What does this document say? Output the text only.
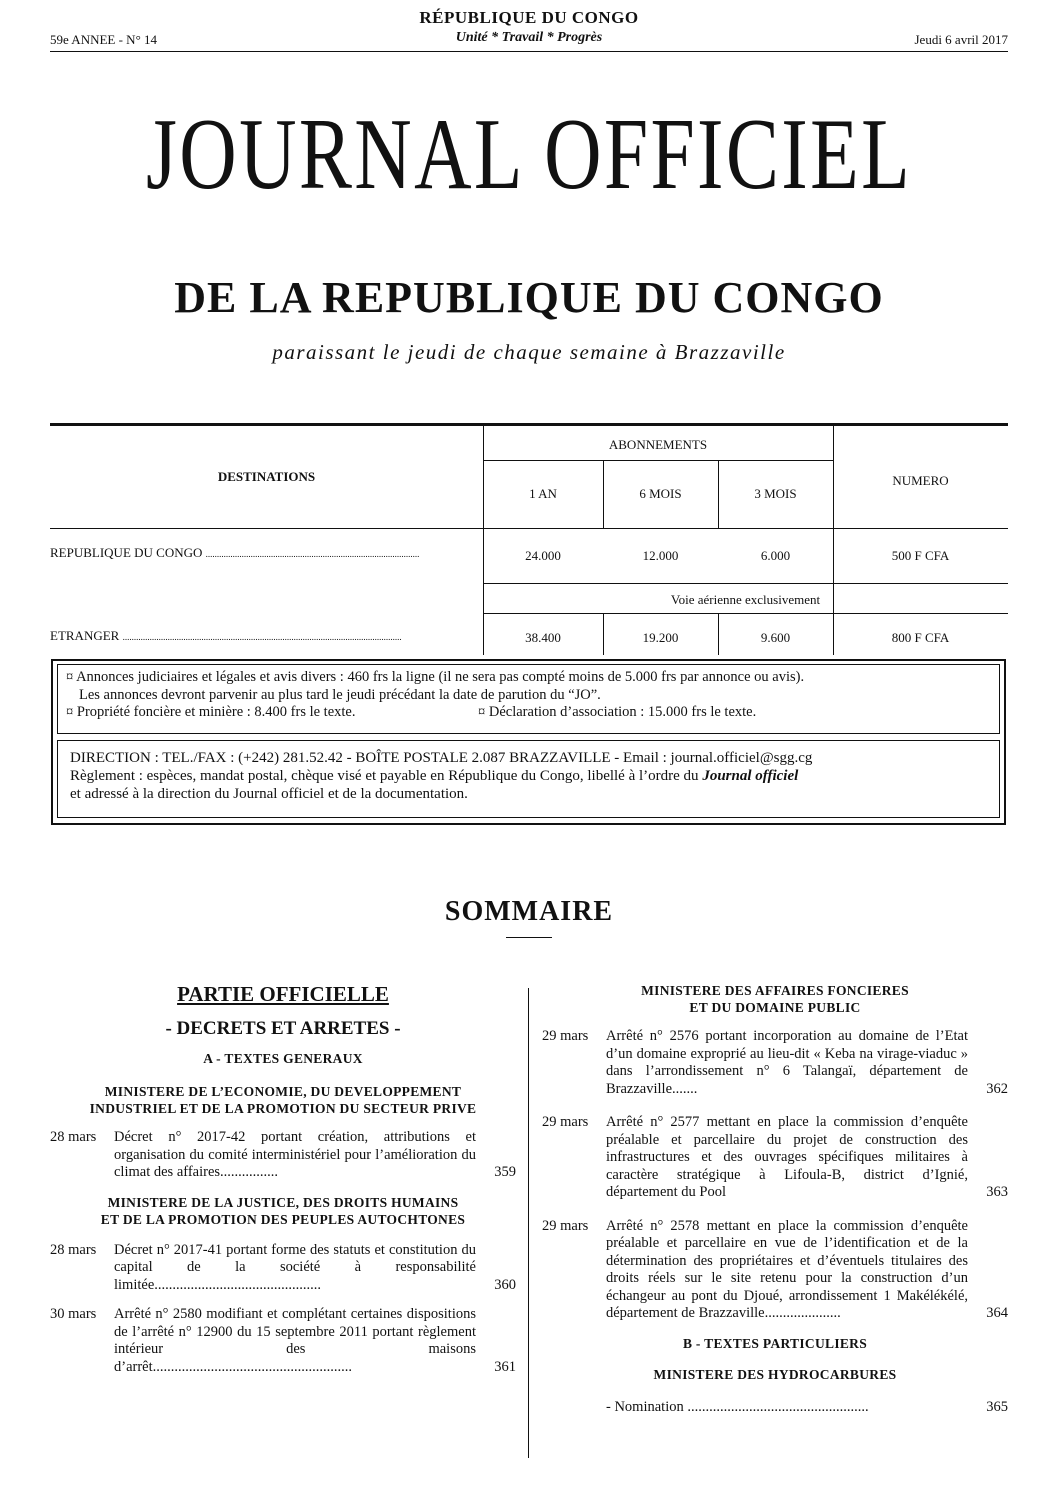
RÉPUBLIQUE DU CONGO
Unité * Travail * Progrès
59e ANNEE - N° 14	Jeudi 6 avril 2017
JOURNAL OFFICIEL
DE LA REPUBLIQUE DU CONGO
paraissant le jeudi de chaque semaine à Brazzaville
DESTINATIONS
ABONNEMENTS
NUMERO
1 AN	6 MOIS	3 MOIS
REPUBLIQUE DU CONGO ...............................................................................................	24.000	12.000	6.000	500 F CFA
Voie aérienne exclusivement
ETRANGER ............................................................................................................................	38.400	19.200	9.600	800 F CFA
¤ Annonces judiciaires et légales et avis divers : 460 frs la ligne (il ne sera pas compté moins de 5.000 frs par annonce ou avis).
Les annonces devront parvenir au plus tard le jeudi précédant la date de parution du “JO”.
¤ Propriété foncière et minière : 8.400 frs le texte.	¤ Déclaration d’association : 15.000 frs le texte.
DIRECTION : TEL./FAX : (+242) 281.52.42 - BOÎTE POSTALE 2.087 BRAZZAVILLE - Email : journal.officiel@sgg.cg
Règlement : espèces, mandat postal, chèque visé et payable en République du Congo, libellé à l’ordre du Journal officiel
et adressé à la direction du Journal officiel et de la documentation.
SOMMAIRE
PARTIE OFFICIELLE
- DECRETS ET ARRETES -
A - TEXTES GENERAUX
MINISTERE DE L’ECONOMIE, DU DEVELOPPEMENT
INDUSTRIEL ET DE LA PROMOTION DU SECTEUR PRIVE
28 mars	Décret n° 2017-42 portant création, attributions et organisation du comité interministériel pour l’amélioration du climat des affaires................	359
MINISTERE DE LA JUSTICE, DES DROITS HUMAINS
ET DE LA PROMOTION DES PEUPLES AUTOCHTONES
28 mars	Décret n° 2017-41 portant forme des statuts et constitution du capital de la société à responsabilité limitée..............................................	360
30 mars	Arrêté n° 2580 modifiant et complétant certaines dispositions de l’arrêté n° 12900 du 15 septembre 2011 portant règlement intérieur des maisons d’arrêt.......................................................	361
MINISTERE DES AFFAIRES FONCIERES
ET DU DOMAINE PUBLIC
29 mars	Arrêté n° 2576 portant incorporation au domaine de l’Etat d’un domaine exproprié au lieu-dit « Keba na virage-viaduc » dans l’arrondissement n° 6 Talangaï, département de Brazzaville.......	362
29 mars	Arrêté n° 2577 mettant en place la commission d’enquête préalable et parcellaire du projet de construction des infrastructures et des ouvrages spécifiques militaires à caractère stratégique à Lifoula-B, district d’Ignié, département du Pool	363
29 mars	Arrêté n° 2578 mettant en place la commission d’enquête préalable et parcellaire en vue de l’identification et de la détermination des propriétaires et d’éventuels titulaires des droits réels sur le site retenu pour la construction d’un échangeur au pont du Djoué, arrondissement 1 Makélékélé, département de Brazzaville.....................	364
B - TEXTES PARTICULIERS
MINISTERE DES HYDROCARBURES
- Nomination ..................................................	365
